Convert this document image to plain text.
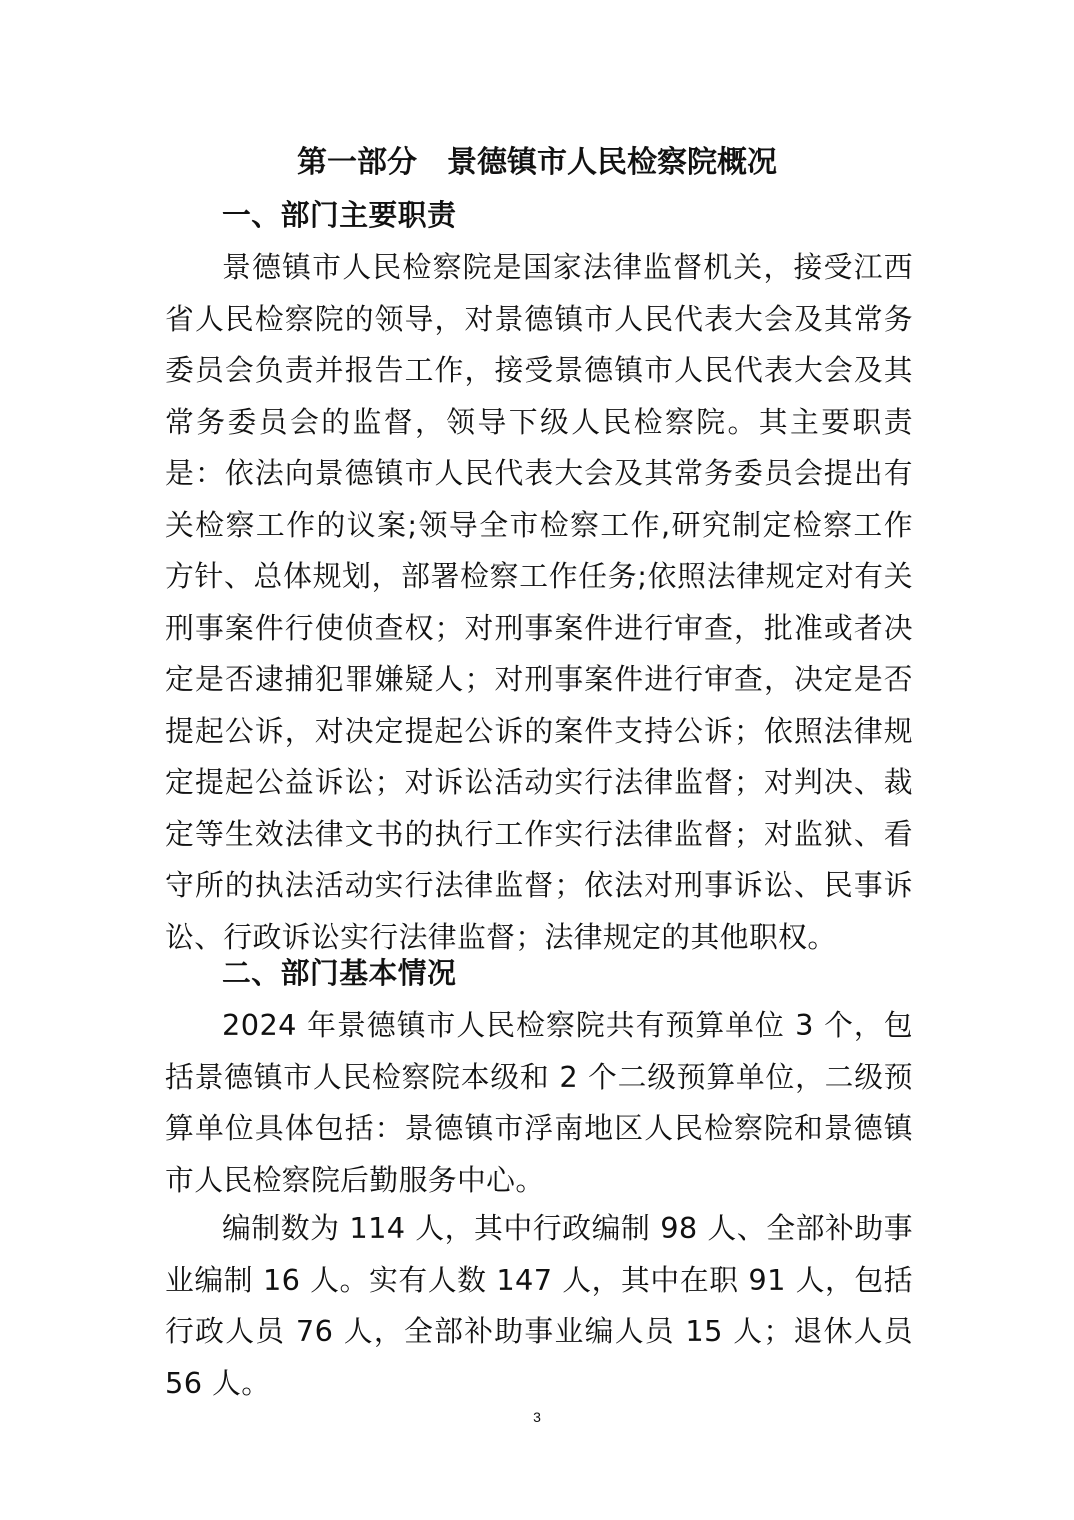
第一部分　景德镇市人民检察院概况
一、部门主要职责

景德镇市人民检察院是国家法律监督机关，接受江西省人民检察院的领导，对景德镇市人民代表大会及其常务委员会负责并报告工作，接受景德镇市人民代表大会及其常务委员会的监督，领导下级人民检察院。其主要职责是：依法向景德镇市人民代表大会及其常务委员会提出有关检察工作的议案;领导全市检察工作,研究制定检察工作方针、总体规划，部署检察工作任务;依照法律规定对有关刑事案件行使侦查权；对刑事案件进行审查，批准或者决定是否逮捕犯罪嫌疑人；对刑事案件进行审查，决定是否提起公诉，对决定提起公诉的案件支持公诉；依照法律规定提起公益诉讼；对诉讼活动实行法律监督；对判决、裁定等生效法律文书的执行工作实行法律监督；对监狱、看守所的执法活动实行法律监督；依法对刑事诉讼、民事诉讼、行政诉讼实行法律监督；法律规定的其他职权。

二、部门基本情况

2024 年景德镇市人民检察院共有预算单位 3 个，包括景德镇市人民检察院本级和 2 个二级预算单位，二级预算单位具体包括：景德镇市浮南地区人民检察院和景德镇市人民检察院后勤服务中心。

编制数为 114 人，其中行政编制 98 人、全部补助事业编制 16 人。实有人数 147 人，其中在职 91 人，包括行政人员 76 人，全部补助事业编人员 15 人；退休人员 56 人。

3
